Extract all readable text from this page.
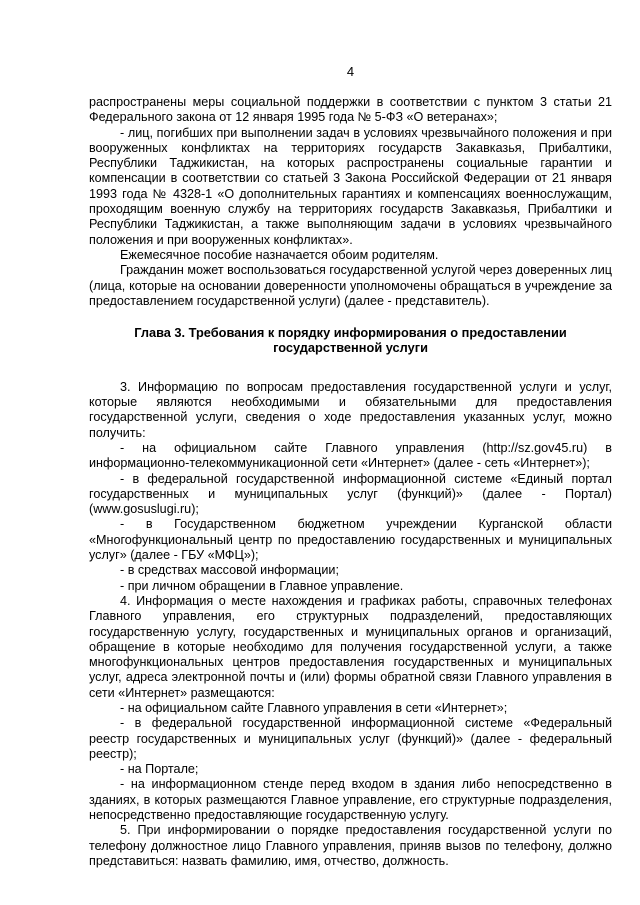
4

распространены меры социальной поддержки в соответствии с пунктом 3 статьи 21 Федерального закона от 12 января 1995 года № 5-ФЗ «О ветеранах»;

- лиц, погибших при выполнении задач в условиях чрезвычайного положения и при вооруженных конфликтах на территориях государств Закавказья, Прибалтики, Республики Таджикистан, на которых распространены социальные гарантии и компенсации в соответствии со статьей 3 Закона Российской Федерации от 21 января 1993 года № 4328-1 «О дополнительных гарантиях и компенсациях военнослужащим, проходящим военную службу на территориях государств Закавказья, Прибалтики и Республики Таджикистан, а также выполняющим задачи в условиях чрезвычайного положения и при вооруженных конфликтах».

Ежемесячное пособие назначается обоим родителям.

Гражданин может воспользоваться государственной услугой через доверенных лиц (лица, которые на основании доверенности уполномочены обращаться в учреждение за предоставлением государственной услуги) (далее - представитель).

Глава 3. Требования к порядку информирования о предоставлении
государственной услуги

3. Информацию по вопросам предоставления государственной услуги и услуг, которые являются необходимыми и обязательными для предоставления государственной услуги, сведения о ходе предоставления указанных услуг, можно получить:

- на официальном сайте Главного управления (http://sz.gov45.ru) в информационно-телекоммуникационной сети «Интернет» (далее - сеть «Интернет»);

- в федеральной государственной информационной системе «Единый портал государственных и муниципальных услуг (функций)» (далее - Портал) (www.gosuslugi.ru);

- в Государственном бюджетном учреждении Курганской области «Многофункциональный центр по предоставлению государственных и муниципальных услуг» (далее - ГБУ «МФЦ»);

- в средствах массовой информации;

- при личном обращении в Главное управление.

4. Информация о месте нахождения и графиках работы, справочных телефонах Главного управления, его структурных подразделений, предоставляющих государственную услугу, государственных и муниципальных органов и организаций, обращение в которые необходимо для получения государственной услуги, а также многофункциональных центров предоставления государственных и муниципальных услуг, адреса электронной почты и (или) формы обратной связи Главного управления в сети «Интернет» размещаются:

- на официальном сайте Главного управления в сети «Интернет»;

- в федеральной государственной информационной системе «Федеральный реестр государственных и муниципальных услуг (функций)» (далее - федеральный реестр);

- на Портале;

- на информационном стенде перед входом в здания либо непосредственно в зданиях, в которых размещаются Главное управление, его структурные подразделения, непосредственно предоставляющие государственную услугу.

5. При информировании о порядке предоставления государственной услуги по телефону должностное лицо Главного управления, приняв вызов по телефону, должно представиться: назвать фамилию, имя, отчество, должность.
